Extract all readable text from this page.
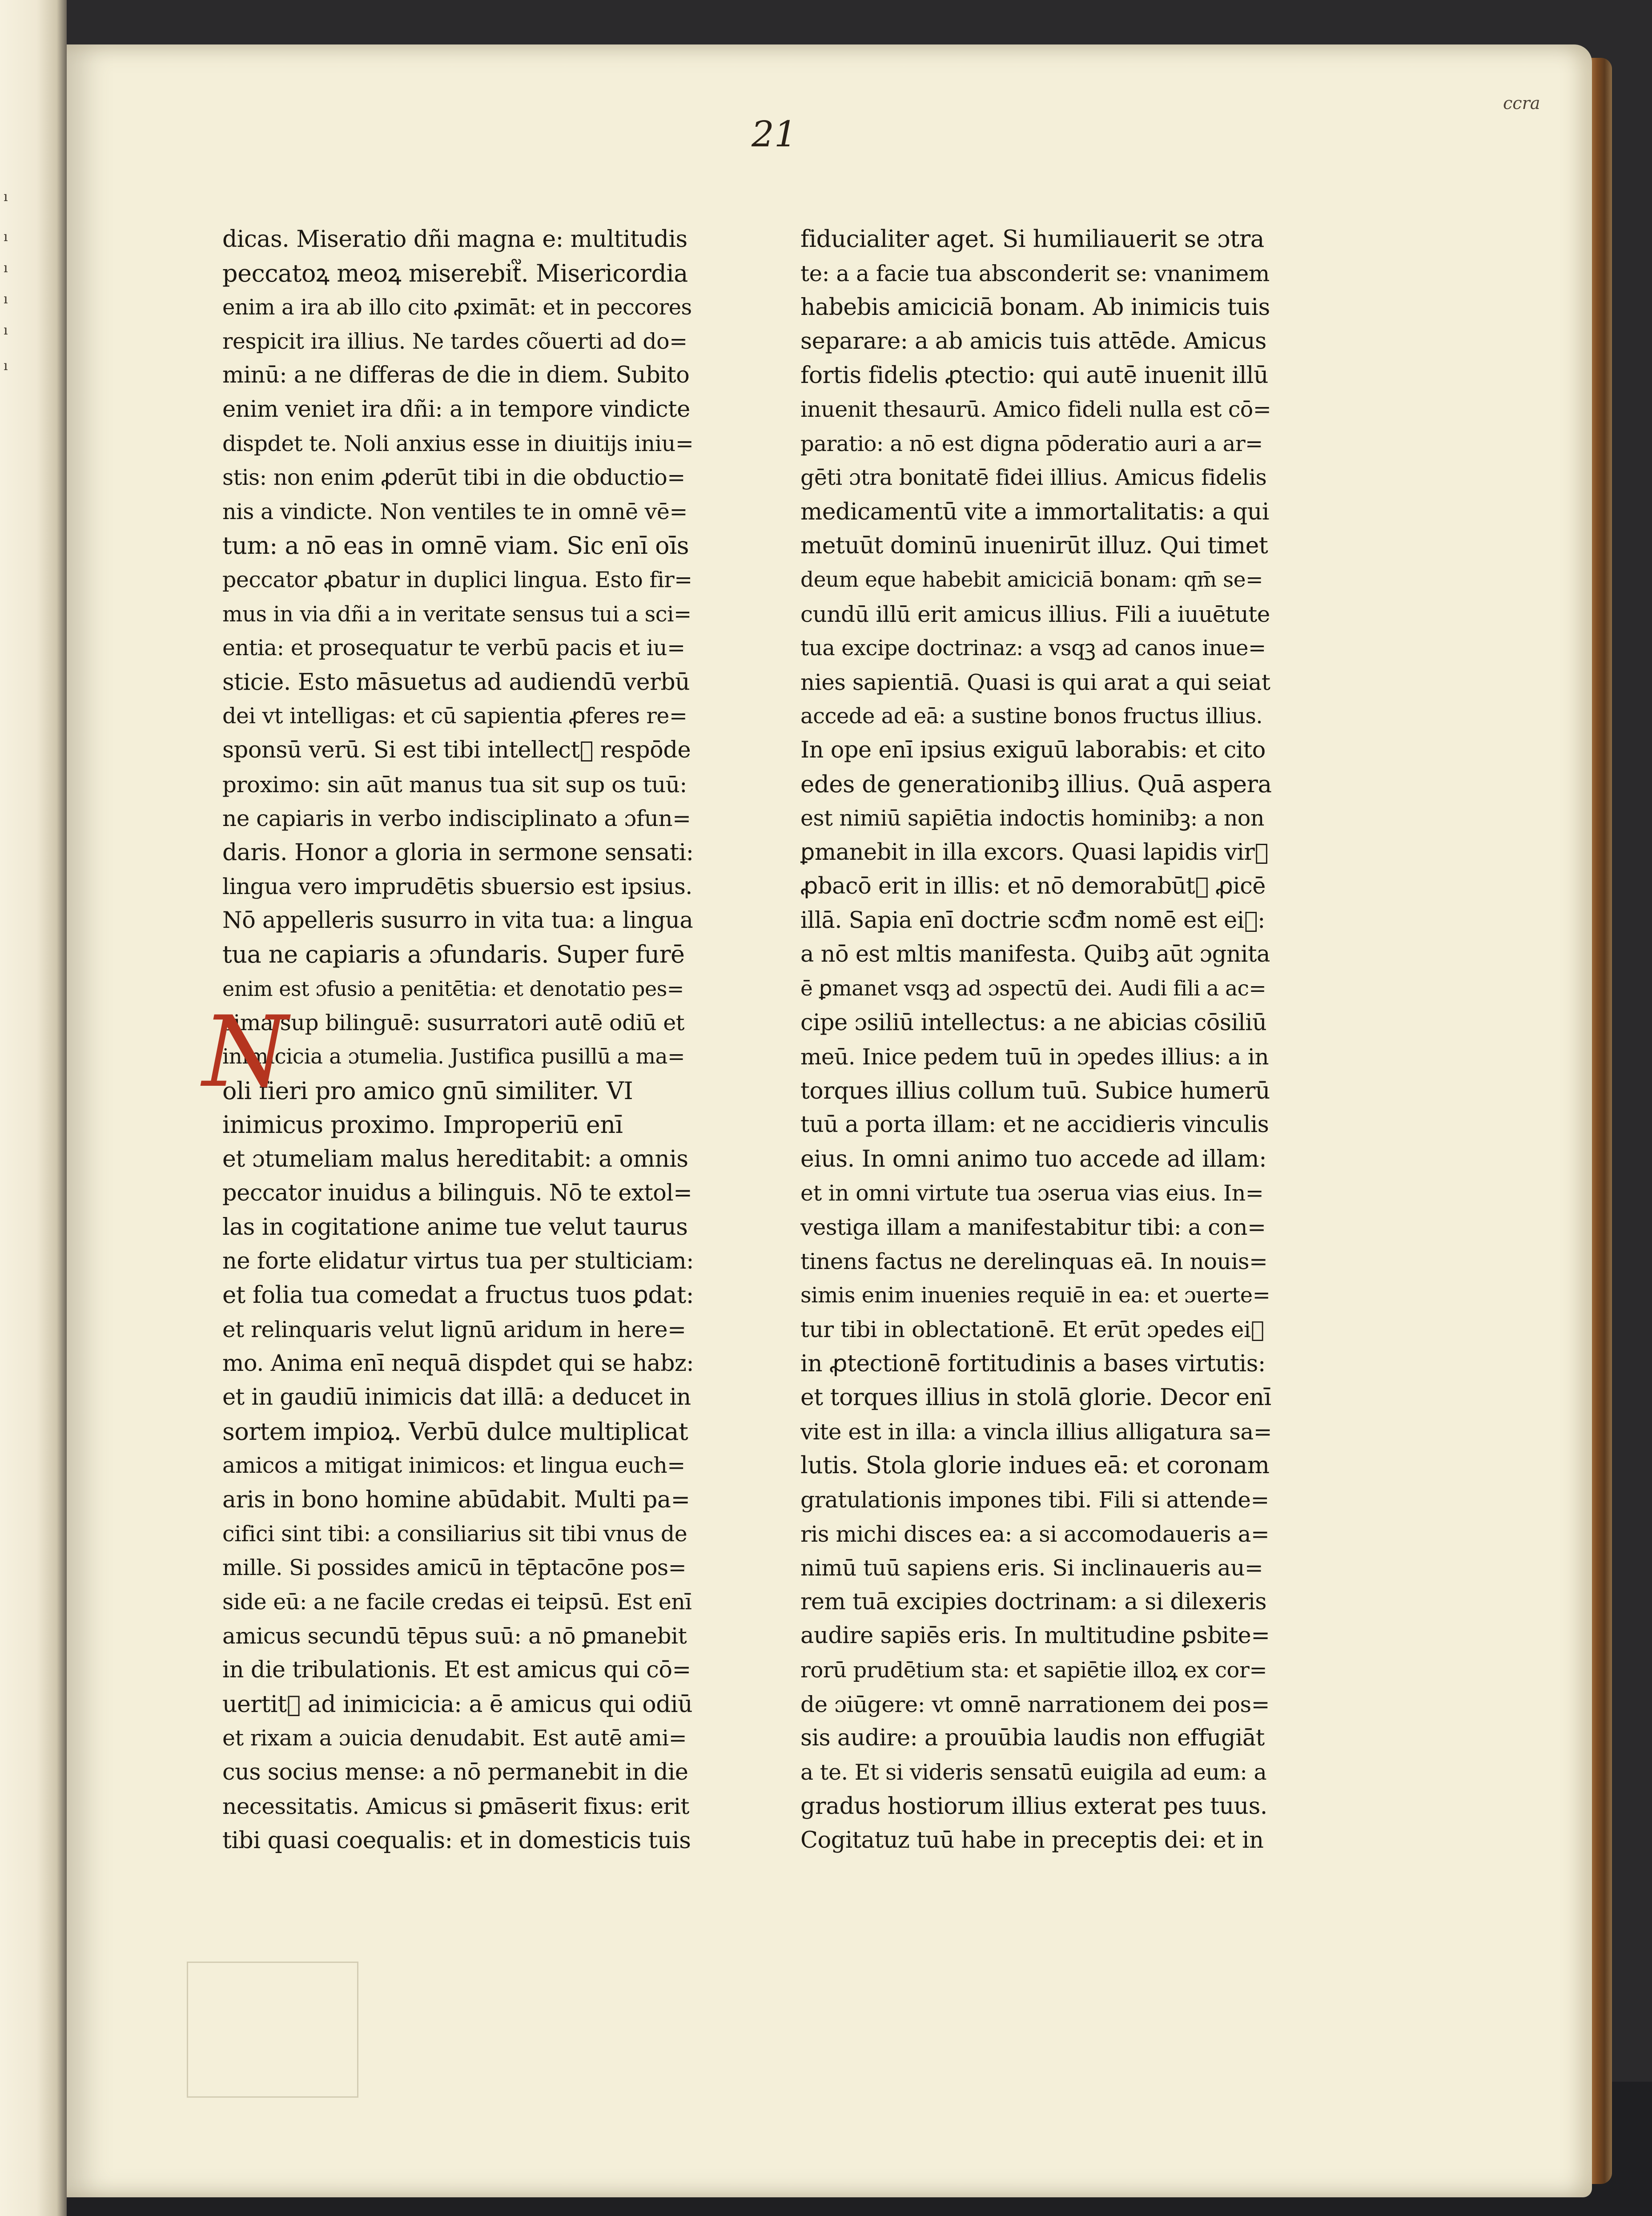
ı
ı
ı
ı
ı
ı
21
ccra
dicas. Miseratio dñi magna e: multitudis
peccatoꝝ meoꝝ miserebit᷑. Misericordia
enim a ira ab illo cito ꝓximāt: et in peccores
respicit ira illius. Ne tardes cõuerti ad do=
minū: a ne differas de die in diem. Subito
enim veniet ira dñi: a in tempore vindicte
dispdet te. Noli anxius esse in diuitijs iniu=
stis: non enim ꝓderūt tibi in die obductio=
nis a vindicte. Non ventiles te in omnē vē=
tum: a nō eas in omnē viam. Sic enī oīs
peccator ꝓbatur in duplici lingua. Esto fir=
mus in via dñi a in veritate sensus tui a sci=
entia: et prosequatur te verbū pacis et iu=
sticie. Esto māsuetus ad audiendū verbū
dei vt intelligas: et cū sapientia ꝓferes re=
sponsū verū. Si est tibi intellect᷒ respōde
proximo: sin aūt manus tua sit sup os tuū:
ne capiaris in verbo indisciplinato a ɔfun=
daris. Honor a gloria in sermone sensati:
lingua vero imprudētis sbuersio est ipsius.
Nō appelleris susurro in vita tua: a lingua
tua ne capiaris a ɔfundaris. Super furē
enim est ɔfusio a penitētia: et denotatio pes=
sima sup bilinguē: susurratori autē odiū et
inimicicia a ɔtumelia. Justifica pusillū a ma=
oli fieri pro amico gnū similiter. VI
inimicus proximo. Improperiū enī
et ɔtumeliam malus hereditabit: a omnis
peccator inuidus a bilinguis. Nō te extol=
las in cogitatione anime tue velut taurus
ne forte elidatur virtus tua per stulticiam:
et folia tua comedat a fructus tuos ꝑdat:
et relinquaris velut lignū aridum in here=
mo. Anima enī nequā dispdet qui se habz:
et in gaudiū inimicis dat illā: a deducet in
sortem impioꝝ. Verbū dulce multiplicat
amicos a mitigat inimicos: et lingua euch=
aris in bono homine abūdabit. Multi pa=
cifici sint tibi: a consiliarius sit tibi vnus de
mille. Si possides amicū in tēptacōne pos=
side eū: a ne facile credas ei teipsū. Est enī
amicus secundū tēpus suū: a nō ꝑmanebit
in die tribulationis. Et est amicus qui cō=
uertit᷑ ad inimicicia: a ē amicus qui odiū
et rixam a ɔuicia denudabit. Est autē ami=
cus socius mense: a nō permanebit in die
necessitatis. Amicus si ꝑmāserit fixus: erit
tibi quasi coequalis: et in domesticis tuis
fiducialiter aget. Si humiliauerit se ɔtra
te: a a facie tua absconderit se: vnanimem
habebis amiciciā bonam. Ab inimicis tuis
separare: a ab amicis tuis attēde. Amicus
fortis fidelis ꝓtectio: qui autē inuenit illū
inuenit thesaurū. Amico fideli nulla est cō=
paratio: a nō est digna pōderatio auri a ar=
gēti ɔtra bonitatē fidei illius. Amicus fidelis
medicamentū vite a immortalitatis: a qui
metuūt dominū inuenirūt illuz. Qui timet
deum eque habebit amiciciā bonam: qm̄ se=
cundū illū erit amicus illius. Fili a iuuētute
tua excipe doctrinaz: a vsqꝫ ad canos inue=
nies sapientiā. Quasi is qui arat a qui seiat
accede ad eā: a sustine bonos fructus illius.
In ope enī ipsius exiguū laborabis: et cito
edes de generationibꝫ illius. Quā aspera
est nimiū sapiētia indoctis hominibꝫ: a non
ꝑmanebit in illa excors. Quasi lapidis vir᷑
ꝓbacō erit in illis: et nō demorabūt᷑ ꝓicē
illā. Sapia enī doctrie scđm nomē est ei᷒:
a nō est mltis manifesta. Quibꝫ aūt ɔgnita
ē ꝑmanet vsqꝫ ad ɔspectū dei. Audi fili a ac=
cipe ɔsiliū intellectus: a ne abicias cōsiliū
meū. Inice pedem tuū in ɔpedes illius: a in
torques illius collum tuū. Subice humerū
tuū a porta illam: et ne accidieris vinculis
eius. In omni animo tuo accede ad illam:
et in omni virtute tua ɔserua vias eius. In=
vestiga illam a manifestabitur tibi: a con=
tinens factus ne derelinquas eā. In nouis=
simis enim inuenies requiē in ea: et ɔuerte=
tur tibi in oblectationē. Et erūt ɔpedes ei᷒
in ꝓtectionē fortitudinis a bases virtutis:
et torques illius in stolā glorie. Decor enī
vite est in illa: a vincla illius alligatura sa=
lutis. Stola glorie indues eā: et coronam
gratulationis impones tibi. Fili si attende=
ris michi disces ea: a si accomodaueris a=
nimū tuū sapiens eris. Si inclinaueris au=
rem tuā excipies doctrinam: a si dilexeris
audire sapiēs eris. In multitudine ꝑsbite=
rorū prudētium sta: et sapiētie illoꝝ ex cor=
de ɔiūgere: vt omnē narrationem dei pos=
sis audire: a prouūbia laudis non effugiāt
a te. Et si videris sensatū euigila ad eum: a
gradus hostiorum illius exterat pes tuus.
Cogitatuz tuū habe in preceptis dei: et in
N
